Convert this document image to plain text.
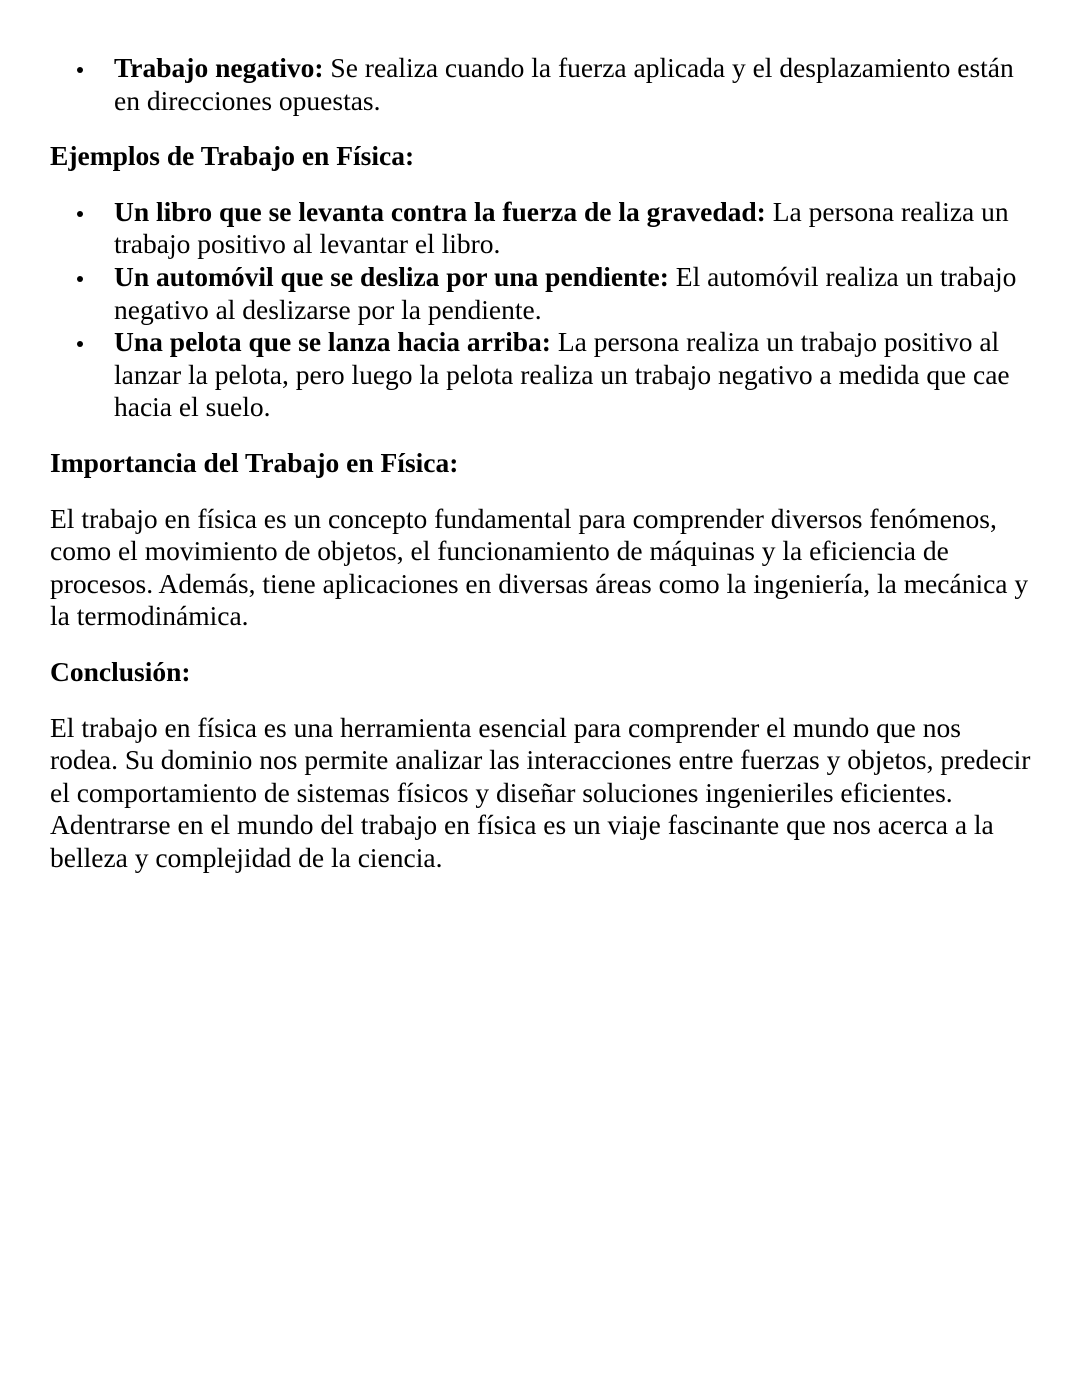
Trabajo negativo: Se realiza cuando la fuerza aplicada y el desplazamiento están en direcciones opuestas.
Ejemplos de Trabajo en Física:
Un libro que se levanta contra la fuerza de la gravedad: La persona realiza un trabajo positivo al levantar el libro.
Un automóvil que se desliza por una pendiente: El automóvil realiza un trabajo negativo al deslizarse por la pendiente.
Una pelota que se lanza hacia arriba: La persona realiza un trabajo positivo al lanzar la pelota, pero luego la pelota realiza un trabajo negativo a medida que cae hacia el suelo.
Importancia del Trabajo en Física:

El trabajo en física es un concepto fundamental para comprender diversos fenómenos, como el movimiento de objetos, el funcionamiento de máquinas y la eficiencia de procesos. Además, tiene aplicaciones en diversas áreas como la ingeniería, la mecánica y la termodinámica.

Conclusión:

El trabajo en física es una herramienta esencial para comprender el mundo que nos rodea. Su dominio nos permite analizar las interacciones entre fuerzas y objetos, predecir el comportamiento de sistemas físicos y diseñar soluciones ingenieriles eficientes. Adentrarse en el mundo del trabajo en física es un viaje fascinante que nos acerca a la belleza y complejidad de la ciencia.
